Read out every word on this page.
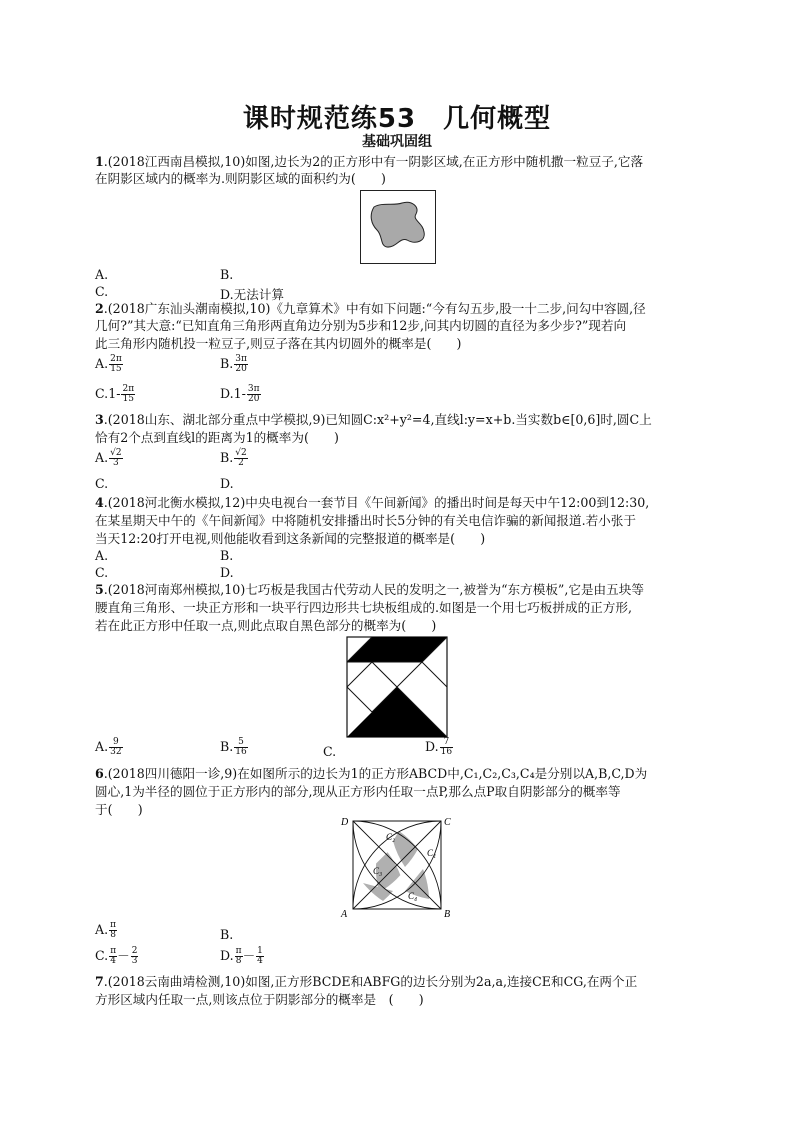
课时规范练53　几何概型
基础巩固组
1.(2018江西南昌模拟,10)如图,边长为2的正方形中有一阴影区域,在正方形中随机撒一粒豆子,它落
在阴影区域内的概率为.则阴影区域的面积约为(　　)
A.	B.
C.	D.无法计算
2.(2018广东汕头潮南模拟,10)《九章算术》中有如下问题:“今有勾五步,股一十二步,问勾中容圆,径
几何?”其大意:“已知直角三角形两直角边分别为5步和12步,问其内切圆的直径为多少步?”现若向
此三角形内随机投一粒豆子,则豆子落在其内切圆外的概率是(　　)
A. $\frac{2\pi}{15}$	B. $\frac{3\pi}{20}$
$C.1- \frac{2\pi}{15}$	$D.1- \frac{3\pi}{20}$
3.(2018山东、湖北部分重点中学模拟,9)已知圆C:x²+y²=4,直线l:y=x+b.当实数b∈[0,6]时,圆C上
恰有2个点到直线l的距离为1的概率为(　　)
A. $\frac{√2}{3}$	B. $\frac{√2}{2}$
C.	D.
4.(2018河北衡水模拟,12)中央电视台一套节目《午间新闻》的播出时间是每天中午12:00到12:30,
在某星期天中午的《午间新闻》中将随机安排播出时长5分钟的有关电信诈骗的新闻报道.若小张于
当天12:20打开电视,则他能收看到这条新闻的完整报道的概率是(　　)
A.	B.
C.	D.
5.(2018河南郑州模拟,10)七巧板是我国古代劳动人民的发明之一,被誉为“东方模板”,它是由五块等
腰直角三角形、一块正方形和一块平行四边形共七块板组成的.如图是一个用七巧板拼成的正方形,
若在此正方形中任取一点,则此点取自黑色部分的概率为(　　)
A. $\frac{9}{32}$	B. $\frac{5}{16}$	C.	D. $\frac{7}{16}$
6.(2018四川德阳一诊,9)在如图所示的边长为1的正方形ABCD中,C₁,C₂,C₃,C₄是分别以A,B,C,D为
圆心,1为半径的圆位于正方形内的部分,现从正方形内任取一点P,那么点P取自阴影部分的概率等
于(　　)
A	B
C
D
C₂
C₁
C₃
C₄
A. $\frac{\pi}{8}$	B.
C. $\frac{\pi}{4} - \frac{2}{3}$	D. $\frac{\pi}{8} - \frac{1}{4}$
7.(2018云南曲靖检测,10)如图,正方形BCDE和ABFG的边长分别为2a,a,连接CE和CG,在两个正
方形区域内任取一点,则该点位于阴影部分的概率是　(　　)
